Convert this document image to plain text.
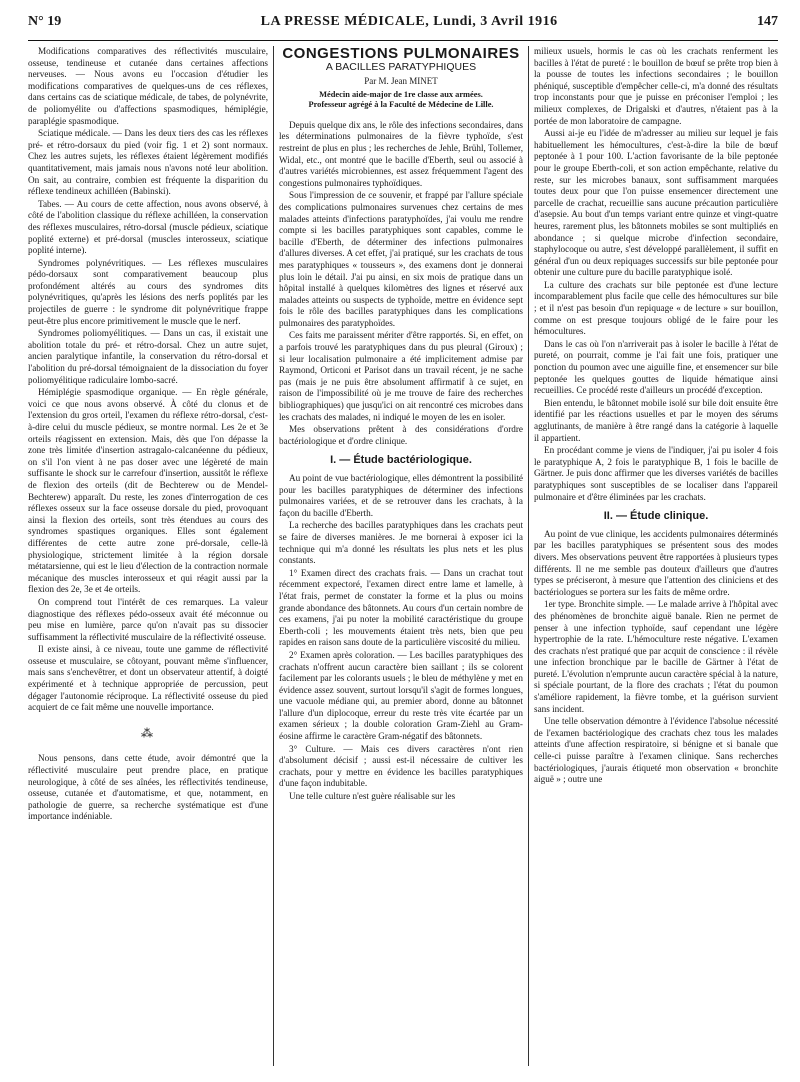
N° 19	LA PRESSE MÉDICALE, Lundi, 3 Avril 1916	147

Modifications comparatives des réflectivités musculaire, osseuse, tendineuse et cutanée dans certaines affections nerveuses. — Nous avons eu l'occasion d'étudier les modifications comparatives de quelques-uns de ces réflexes, dans certains cas de sciatique médicale, de tabes, de polynévrite, de poliomyélite ou d'affections spasmodiques, hémiplégie, paraplégie spasmodique.

Sciatique médicale. — Dans les deux tiers des cas les réflexes pré- et rétro-dorsaux du pied (voir fig. 1 et 2) sont normaux. Chez les autres sujets, les réflexes étaient légèrement modifiés quantitativement, mais jamais nous n'avons noté leur abolition. On sait, au contraire, combien est fréquente la disparition du réflexe tendineux achilléen (Babinski).

Tabes. — Au cours de cette affection, nous avons observé, à côté de l'abolition classique du réflexe achilléen, la conservation des réflexes musculaires, rétro-dorsal (muscle pédieux, sciatique poplité externe) et pré-dorsal (muscles interosseux, sciatique poplité interne).

Syndromes polynévritiques. — Les réflexes musculaires pédo-dorsaux sont comparativement beaucoup plus profondément altérés au cours des syndromes dits polynévritiques, qu'après les lésions des nerfs poplités par les projectiles de guerre : le syndrome dit polynévritique frappe peut-être plus encore primitivement le muscle que le nerf.

Syndromes poliomyélitiques. — Dans un cas, il existait une abolition totale du pré- et rétro-dorsal. Chez un autre sujet, ancien paralytique infantile, la conservation du rétro-dorsal et l'abolition du pré-dorsal témoignaient de la dissociation du foyer poliomyélitique radiculaire lombo-sacré.

Hémiplégie spasmodique organique. — En règle générale, voici ce que nous avons observé. À côté du clonus et de l'extension du gros orteil, l'examen du réflexe rétro-dorsal, c'est-à-dire celui du muscle pédieux, se montre normal. Les 2e et 3e orteils réagissent en extension. Mais, dès que l'on dépasse la zone très limitée d'insertion astragalo-calcanéenne du pédieux, on s'il l'on vient à ne pas doser avec une légèreté de main suffisante le shock sur le carrefour d'insertion, aussitôt le réflexe de flexion des orteils (dit de Bechterew ou de Mendel-Bechterew) apparaît. Du reste, les zones d'interrogation de ces réflexes osseux sur la face osseuse dorsale du pied, provoquant ainsi la flexion des orteils, sont très étendues au cours des syndromes spastiques organiques. Elles sont également différentes de cette autre zone pré-dorsale, celle-là physiologique, strictement limitée à la région dorsale métatarsienne, qui est le lieu d'élection de la contraction normale mécanique des muscles interosseux et qui réagit aussi par la flexion des 2e, 3e et 4e orteils.

On comprend tout l'intérêt de ces remarques. La valeur diagnostique des réflexes pédo-osseux avait été méconnue ou peu mise en lumière, parce qu'on n'avait pas su dissocier suffisamment la réflectivité musculaire de la réflectivité osseuse.

Il existe ainsi, à ce niveau, toute une gamme de réflectivité osseuse et musculaire, se côtoyant, pouvant même s'influencer, mais sans s'enchevêtrer, et dont un observateur attentif, à doigté expérimenté et à technique appropriée de percussion, peut dégager l'autonomie réciproque. La réflectivité osseuse du pied acquiert de ce fait même une nouvelle importance.

⁂

Nous pensons, dans cette étude, avoir démontré que la réflectivité musculaire peut prendre place, en pratique neurologique, à côté de ses aînées, les réflectivités tendineuse, osseuse, cutanée et d'automatisme, et que, notamment, en pathologie de guerre, sa recherche systématique est d'une importance indéniable.

CONGESTIONS PULMONAIRES
A BACILLES PARATYPHIQUES
Par M. Jean MINET
Médecin aide-major de 1re classe aux armées.
Professeur agrégé à la Faculté de Médecine de Lille.

Depuis quelque dix ans, le rôle des infections secondaires, dans les déterminations pulmonaires de la fièvre typhoïde, s'est restreint de plus en plus ; les recherches de Jehle, Brühl, Tollemer, Widal, etc., ont montré que le bacille d'Eberth, seul ou associé à d'autres variétés microbiennes, est assez fréquemment l'agent des congestions pulmonaires typhoïdiques.

Sous l'impression de ce souvenir, et frappé par l'allure spéciale des complications pulmonaires survenues chez certains de mes malades atteints d'infections paratyphoïdes, j'ai voulu me rendre compte si les bacilles paratyphiques sont capables, comme le bacille d'Eberth, de déterminer des infections pulmonaires d'allures diverses. A cet effet, j'ai pratiqué, sur les crachats de tous mes paratyphiques « tousseurs », des examens dont je donnerai plus loin le détail. J'ai pu ainsi, en six mois de pratique dans un hôpital installé à quelques kilomètres des lignes et réservé aux malades atteints ou suspects de typhoïde, mettre en évidence sept fois le rôle des bacilles paratyphiques dans les complications pulmonaires des paratyphoïdes.

Ces faits me paraissent mériter d'être rapportés. Si, en effet, on a parfois trouvé les paratyphiques dans du pus pleural (Giroux) ; si leur localisation pulmonaire a été implicitement admise par Raymond, Orticoni et Parisot dans un travail récent, je ne sache pas (mais je ne puis être absolument affirmatif à ce sujet, en raison de l'impossibilité où je me trouve de faire des recherches bibliographiques) que jusqu'ici on ait rencontré ces microbes dans les crachats des malades, ni indiqué le moyen de les en isoler.

Mes observations prêtent à des considérations d'ordre bactériologique et d'ordre clinique.

I. — Étude bactériologique.

Au point de vue bactériologique, elles démontrent la possibilité pour les bacilles paratyphiques de déterminer des infections pulmonaires variées, et de se retrouver dans les crachats, à la façon du bacille d'Eberth.

La recherche des bacilles paratyphiques dans les crachats peut se faire de diverses manières. Je me bornerai à exposer ici la technique qui m'a donné les résultats les plus nets et les plus constants.

1° Examen direct des crachats frais. — Dans un crachat tout récemment expectoré, l'examen direct entre lame et lamelle, à l'état frais, permet de constater la forme et la plus ou moins grande abondance des bâtonnets. Au cours d'un certain nombre de ces examens, j'ai pu noter la mobilité caractéristique du groupe Eberth-coli ; les mouvements étaient très nets, bien que peu rapides en raison sans doute de la particulière viscosité du milieu.

2° Examen après coloration. — Les bacilles paratyphiques des crachats n'offrent aucun caractère bien saillant ; ils se colorent facilement par les colorants usuels ; le bleu de méthylène y met en évidence assez souvent, surtout lorsqu'il s'agit de formes longues, une vacuole médiane qui, au premier abord, donne au bâtonnet l'allure d'un diplocoque, erreur du reste très vite écartée par un examen sérieux ; la double coloration Gram-Ziehl au Gram-éosine affirme le caractère Gram-négatif des bâtonnets.

3° Culture. — Mais ces divers caractères n'ont rien d'absolument décisif ; aussi est-il nécessaire de cultiver les crachats, pour y mettre en évidence les bacilles paratyphiques d'une façon indubitable.

Une telle culture n'est guère réalisable sur les

milieux usuels, hormis le cas où les crachats renferment les bacilles à l'état de pureté : le bouillon de bœuf se prête trop bien à la pousse de toutes les infections secondaires ; le bouillon phéniqué, susceptible d'empêcher celle-ci, m'a donné des résultats trop inconstants pour que je puisse en préconiser l'emploi ; les milieux complexes, de Drigalski et d'autres, n'étaient pas à la portée de mon laboratoire de campagne.

Aussi ai-je eu l'idée de m'adresser au milieu sur lequel je fais habituellement les hémocultures, c'est-à-dire la bile de bœuf peptonée à 1 pour 100. L'action favorisante de la bile peptonée pour le groupe Eberth-coli, et son action empêchante, relative du reste, sur les microbes banaux, sont suffisamment marquées toutes deux pour que l'on puisse ensemencer directement une parcelle de crachat, recueillie sans aucune précaution particulière d'asepsie. Au bout d'un temps variant entre quinze et vingt-quatre heures, rarement plus, les bâtonnets mobiles se sont multipliés en abondance ; si quelque microbe d'infection secondaire, staphylocoque ou autre, s'est développé parallèlement, il suffit en général d'un ou deux repiquages successifs sur bile peptonée pour obtenir une culture pure du bacille paratyphique isolé.

La culture des crachats sur bile peptonée est d'une lecture incomparablement plus facile que celle des hémocultures sur bile ; et il n'est pas besoin d'un repiquage « de lecture » sur bouillon, comme on est presque toujours obligé de le faire pour les hémocultures.

Dans le cas où l'on n'arriverait pas à isoler le bacille à l'état de pureté, on pourrait, comme je l'ai fait une fois, pratiquer une ponction du poumon avec une aiguille fine, et ensemencer sur bile peptonée les quelques gouttes de liquide hématique ainsi recueillies. Ce procédé reste d'ailleurs un procédé d'exception.

Bien entendu, le bâtonnet mobile isolé sur bile doit ensuite être identifié par les réactions usuelles et par le moyen des sérums agglutinants, de manière à être rangé dans la catégorie à laquelle il appartient.

En procédant comme je viens de l'indiquer, j'ai pu isoler 4 fois le paratyphique A, 2 fois le paratyphique B, 1 fois le bacille de Gärtner. Je puis donc affirmer que les diverses variétés de bacilles paratyphiques sont susceptibles de se localiser dans l'appareil pulmonaire et d'être éliminées par les crachats.

II. — Étude clinique.

Au point de vue clinique, les accidents pulmonaires déterminés par les bacilles paratyphiques se présentent sous des modes divers. Mes observations peuvent être rapportées à plusieurs types différents. Il ne me semble pas douteux d'ailleurs que d'autres types se préciseront, à mesure que l'attention des cliniciens et des bactériologues se portera sur les faits de même ordre.

1er type. Bronchite simple. — Le malade arrive à l'hôpital avec des phénomènes de bronchite aiguë banale. Rien ne permet de penser à une infection typhoïde, sauf cependant une légère hypertrophie de la rate. L'hémoculture reste négative. L'examen des crachats n'est pratiqué que par acquit de conscience : il révèle une infection bronchique par le bacille de Gärtner à l'état de pureté. L'évolution n'emprunte aucun caractère spécial à la nature, si spéciale pourtant, de la flore des crachats ; l'état du poumon s'améliore rapidement, la fièvre tombe, et la guérison survient sans incident.

Une telle observation démontre à l'évidence l'absolue nécessité de l'examen bactériologique des crachats chez tous les malades atteints d'une affection respiratoire, si bénigne et si banale que celle-ci puisse paraître à l'examen clinique. Sans recherches bactériologiques, j'aurais étiqueté mon observation « bronchite aiguë » ; outre une
